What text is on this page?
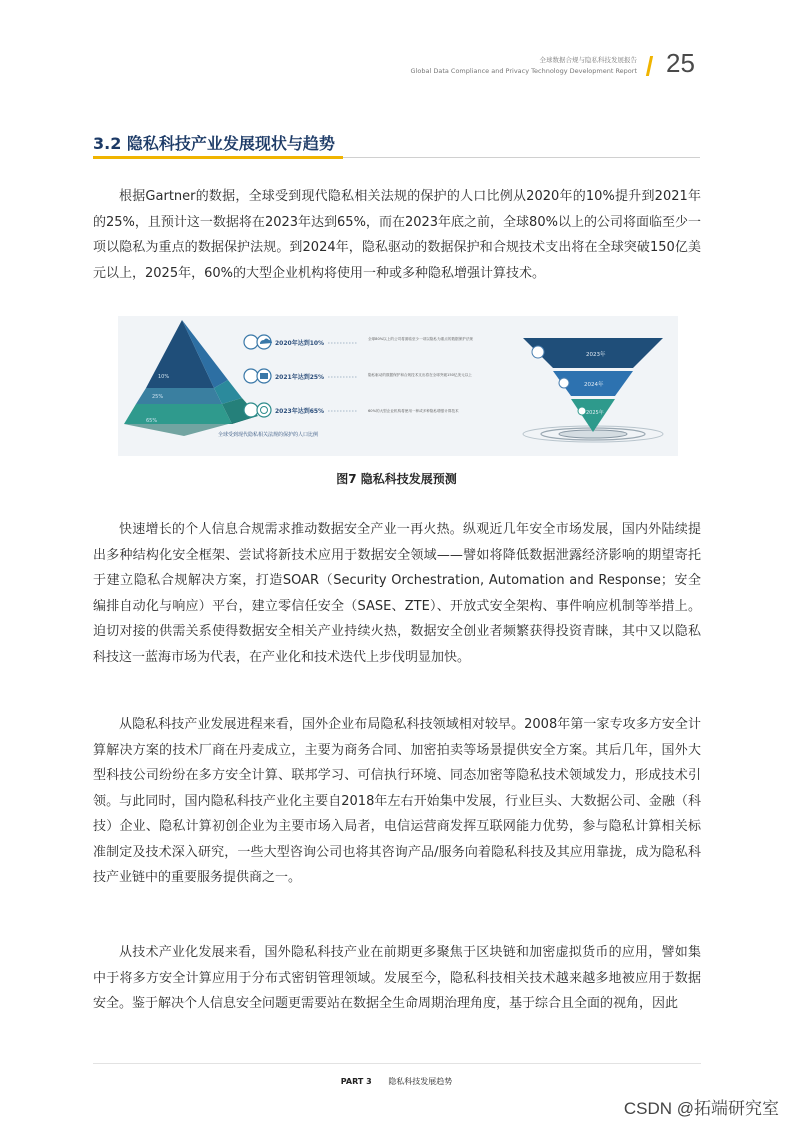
全球数据合规与隐私科技发展报告
Global Data Compliance and Privacy Technology Development Report 25
3.2 隐私科技产业发展现状与趋势
根据Gartner的数据，全球受到现代隐私相关法规的保护的人口比例从2020年的10%提升到2021年的25%，且预计这一数据将在2023年达到65%，而在2023年底之前，全球80%以上的公司将面临至少一项以隐私为重点的数据保护法规。到2024年，隐私驱动的数据保护和合规技术支出将在全球突破150亿美元以上，2025年，60%的大型企业机构将使用一种或多种隐私增强计算技术。
10%
25%
65%
全球受到现代隐私相关法规的保护的人口比例
2020年达到10%
2021年达到25%
2023年达到65%
全球80%以上的公司将面临至少一项以隐私为重点的数据保护法规
隐私驱动的数据保护和合规技术支出将在全球突破150亿美元以上
60%的大型企业机构将使用一种或多种隐私增强计算技术
2023年
2024年
2025年
图7 隐私科技发展预测
快速增长的个人信息合规需求推动数据安全产业一再火热。纵观近几年安全市场发展，国内外陆续提出多种结构化安全框架、尝试将新技术应用于数据安全领域——譬如将降低数据泄露经济影响的期望寄托于建立隐私合规解决方案，打造SOAR（Security Orchestration, Automation and Response；安全编排自动化与响应）平台，建立零信任安全（SASE、ZTE）、开放式安全架构、事件响应机制等举措上。迫切对接的供需关系使得数据安全相关产业持续火热，数据安全创业者频繁获得投资青睐，其中又以隐私科技这一蓝海市场为代表，在产业化和技术迭代上步伐明显加快。
从隐私科技产业发展进程来看，国外企业布局隐私科技领域相对较早。2008年第一家专攻多方安全计算解决方案的技术厂商在丹麦成立，主要为商务合同、加密拍卖等场景提供安全方案。其后几年，国外大型科技公司纷纷在多方安全计算、联邦学习、可信执行环境、同态加密等隐私技术领域发力，形成技术引领。与此同时，国内隐私科技产业化主要自2018年左右开始集中发展，行业巨头、大数据公司、金融（科技）企业、隐私计算初创企业为主要市场入局者，电信运营商发挥互联网能力优势，参与隐私计算相关标准制定及技术深入研究，一些大型咨询公司也将其咨询产品/服务向着隐私科技及其应用靠拢，成为隐私科技产业链中的重要服务提供商之一。
从技术产业化发展来看，国外隐私科技产业在前期更多聚焦于区块链和加密虚拟货币的应用，譬如集中于将多方安全计算应用于分布式密钥管理领域。发展至今，隐私科技相关技术越来越多地被应用于数据安全。鉴于解决个人信息安全问题更需要站在数据全生命周期治理角度，基于综合且全面的视角，因此
PART 3 隐私科技发展趋势
CSDN @拓端研究室
